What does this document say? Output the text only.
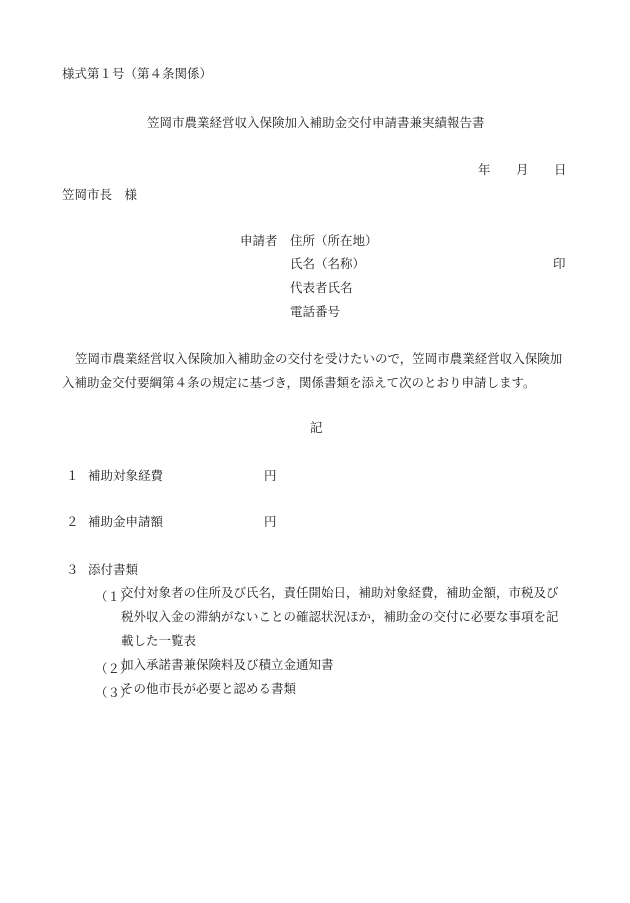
様式第１号（第４条関係）
笠岡市農業経営収入保険加入補助金交付申請書兼実績報告書
年 月 日
笠岡市長　様
申請者 住所（所在地）
氏名（名称）	印
代表者氏名
電話番号
笠岡市農業経営収入保険加入補助金の交付を受けたいので，笠岡市農業経営収入保険加入補助金交付要綱第４条の規定に基づき，関係書類を添えて次のとおり申請します。
記
１ 補助対象経費	円
２ 補助金申請額	円
３ 添付書類
（１）
交付対象者の住所及び氏名，責任開始日，補助対象経費，補助金額，市税及び税外収入金の滞納がないことの確認状況ほか，補助金の交付に必要な事項を記載した一覧表
（２）
加入承諾書兼保険料及び積立金通知書
（３）
その他市長が必要と認める書類
